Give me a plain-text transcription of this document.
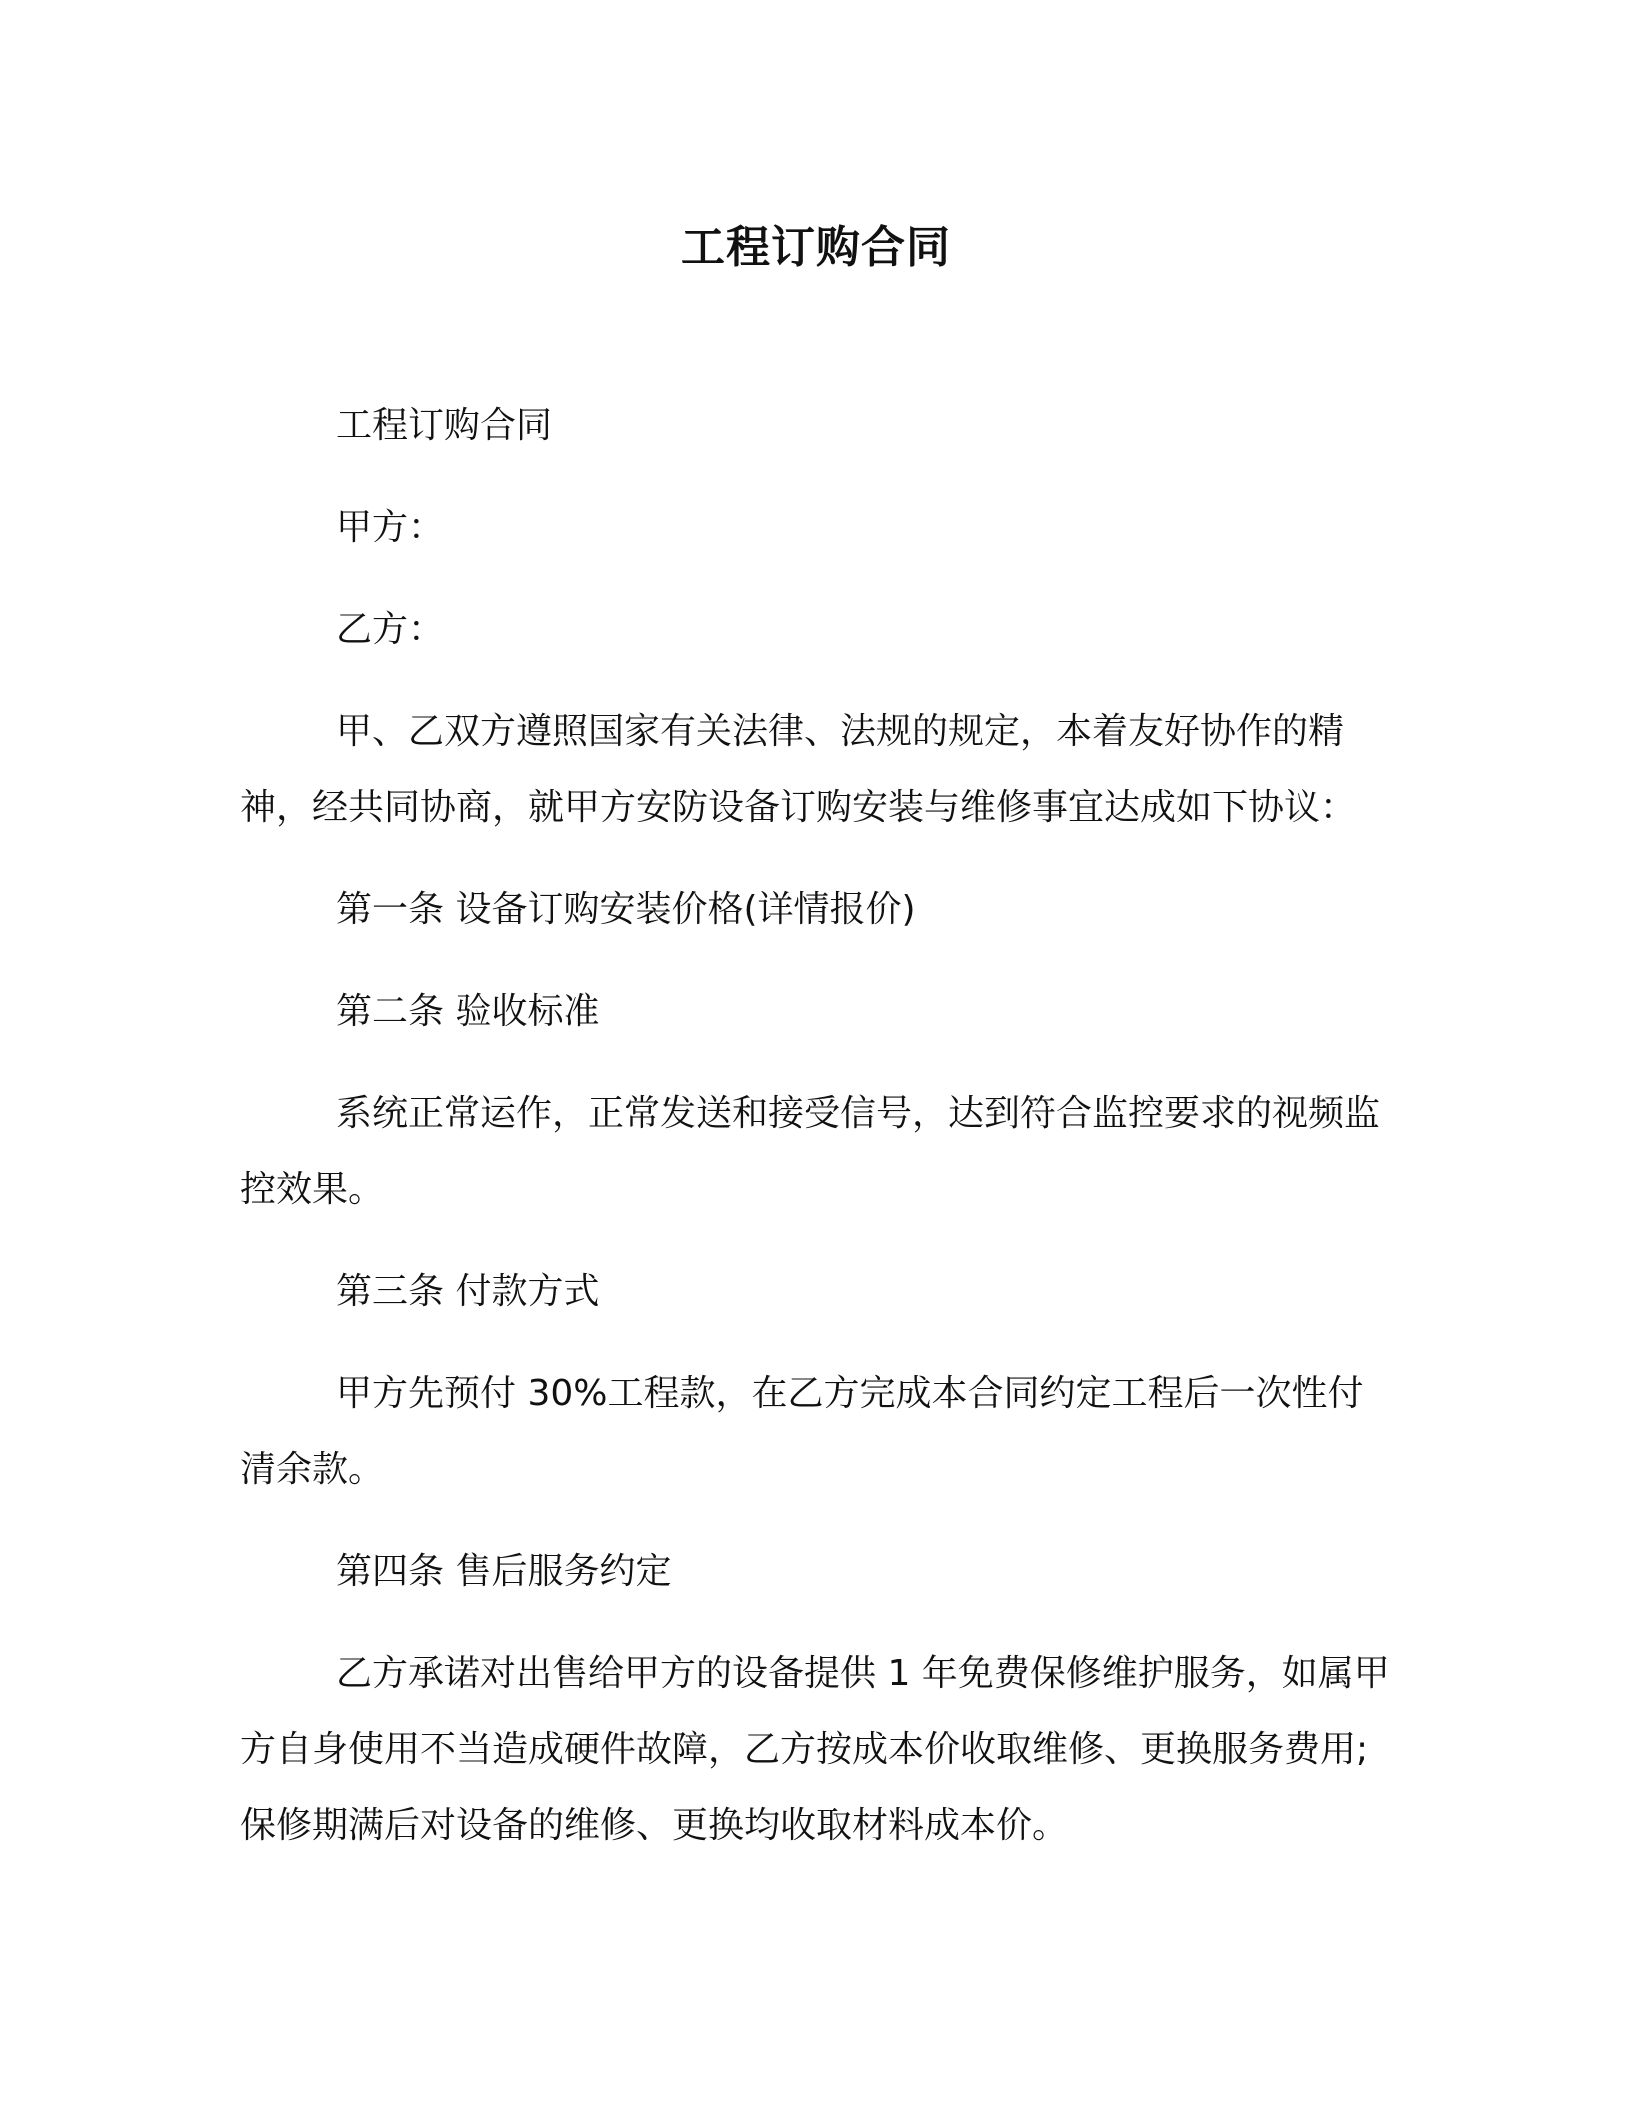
工程订购合同

工程订购合同

甲方：

乙方：

甲、乙双方遵照国家有关法律、法规的规定，本着友好协作的精神，经共同协商，就甲方安防设备订购安装与维修事宜达成如下协议：

第一条 设备订购安装价格(详情报价)

第二条 验收标准

系统正常运作，正常发送和接受信号，达到符合监控要求的视频监控效果。

第三条 付款方式

甲方先预付 30%工程款，在乙方完成本合同约定工程后一次性付清余款。

第四条 售后服务约定

乙方承诺对出售给甲方的设备提供 1 年免费保修维护服务，如属甲方自身使用不当造成硬件故障，乙方按成本价收取维修、更换服务费用;保修期满后对设备的维修、更换均收取材料成本价。
